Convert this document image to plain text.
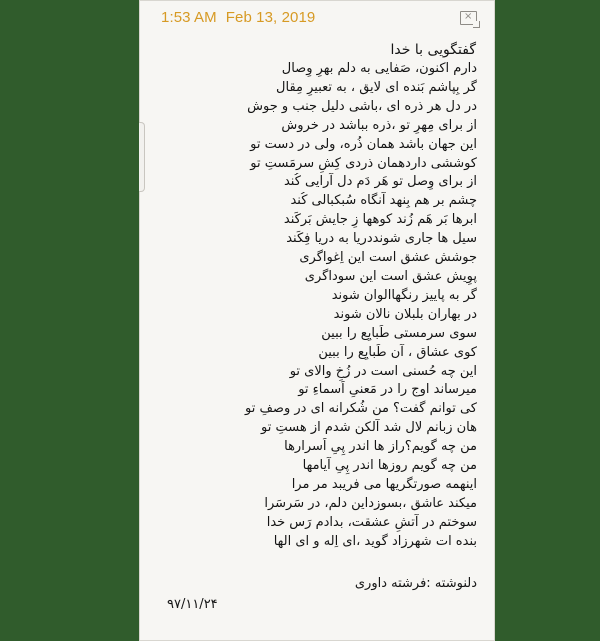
1:53 AM Feb 13, 2019	×
گفتگویی با خدا
دارم اکنون، صَفایی به دلم بهرِ وِصال
گر بِپاشم بَنده ای لایق ، به تعبیرِ مِقال
در دل هر ذره ای ،باشی دلیل جنب و جوش
از برای مِهرِ تو ،ذره بباشد در خروش
این جهان باشد همان ذُره، ولی در دست تو
کوششی داردهمان ذردی کِشِ سرمَستِ تو
از برای وِصل تو هَر دَم دل آرایی کُند
چشم بر هم بِنهد آنگاه سُبکبالی کُند
ابرها بَر هَم زُند کوهها زِ جایش بَرکَند
سیل ها جاری شونددریا به دریا فِکَند
جوشش عشق است این اِغواگری
پوِیش عشق است این سوداگری
گر به پاییز رنگهاالوان شوند
در بهاران بلبلان نالان شوند
سوی سرمستی طَبایِع را ببین
کوی عشاق ، آن طَبایِع را ببین
این چه حُسنی است در زُخِ والای تو
میرساند اوج را در مَعنیِ اَسماءِ تو
کی توانم گفت؟ من شُکرانه ای در وصفِ تو
هان زبانم لال شد آلکن شدم از هستِ تو
من چه گویم؟راز ها اندر پِیِ اَسرارها
من چه گویم روزها اندر پِیِ آیامها
اینهمه صورتگریها می فریبد مر مرا
میکند عاشق ،بسوزداین دلم، در سَرسَرا
سوختم در آتشِ عشقت، بدادم رَس خدا
بنده ات شهرزاد گوید ،ای اِله و ای الها
دلنوشته :فرشته داوری
۹۷/۱۱/۲۴
